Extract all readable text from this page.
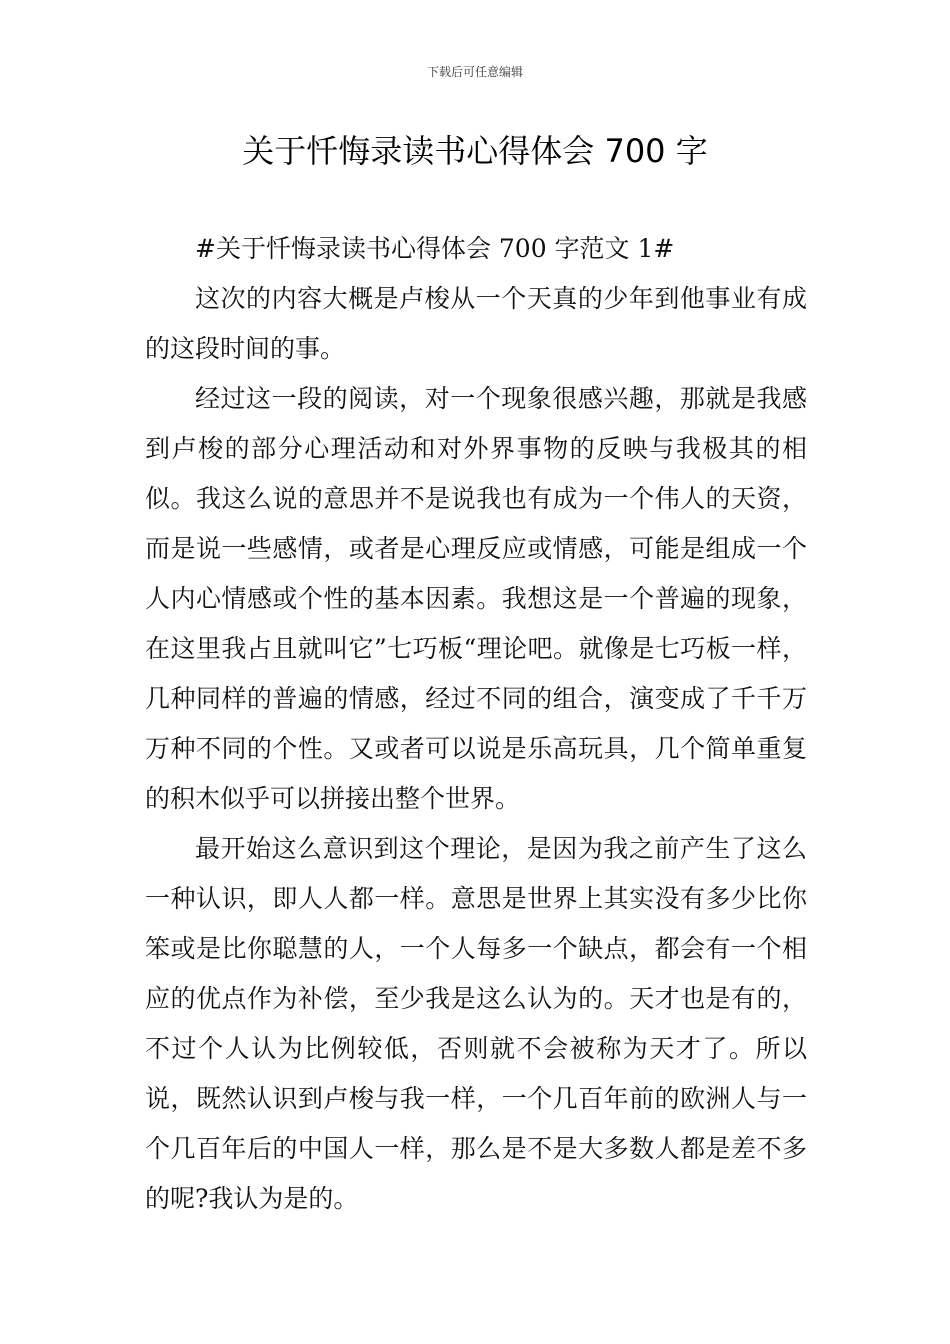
下载后可任意编辑
关于忏悔录读书心得体会 700 字
#关于忏悔录读书心得体会 700 字范文 1#

这次的内容大概是卢梭从一个天真的少年到他事业有成的这段时间的事。

经过这一段的阅读，对一个现象很感兴趣，那就是我感到卢梭的部分心理活动和对外界事物的反映与我极其的相似。我这么说的意思并不是说我也有成为一个伟人的天资，而是说一些感情，或者是心理反应或情感，可能是组成一个人内心情感或个性的基本因素。我想这是一个普遍的现象，在这里我占且就叫它”七巧板“理论吧。就像是七巧板一样，几种同样的普遍的情感，经过不同的组合，演变成了千千万万种不同的个性。又或者可以说是乐高玩具，几个简单重复的积木似乎可以拼接出整个世界。

最开始这么意识到这个理论，是因为我之前产生了这么一种认识，即人人都一样。意思是世界上其实没有多少比你笨或是比你聪慧的人，一个人每多一个缺点，都会有一个相应的优点作为补偿，至少我是这么认为的。天才也是有的，不过个人认为比例较低，否则就不会被称为天才了。所以说，既然认识到卢梭与我一样，一个几百年前的欧洲人与一个几百年后的中国人一样，那么是不是大多数人都是差不多的呢?我认为是的。
